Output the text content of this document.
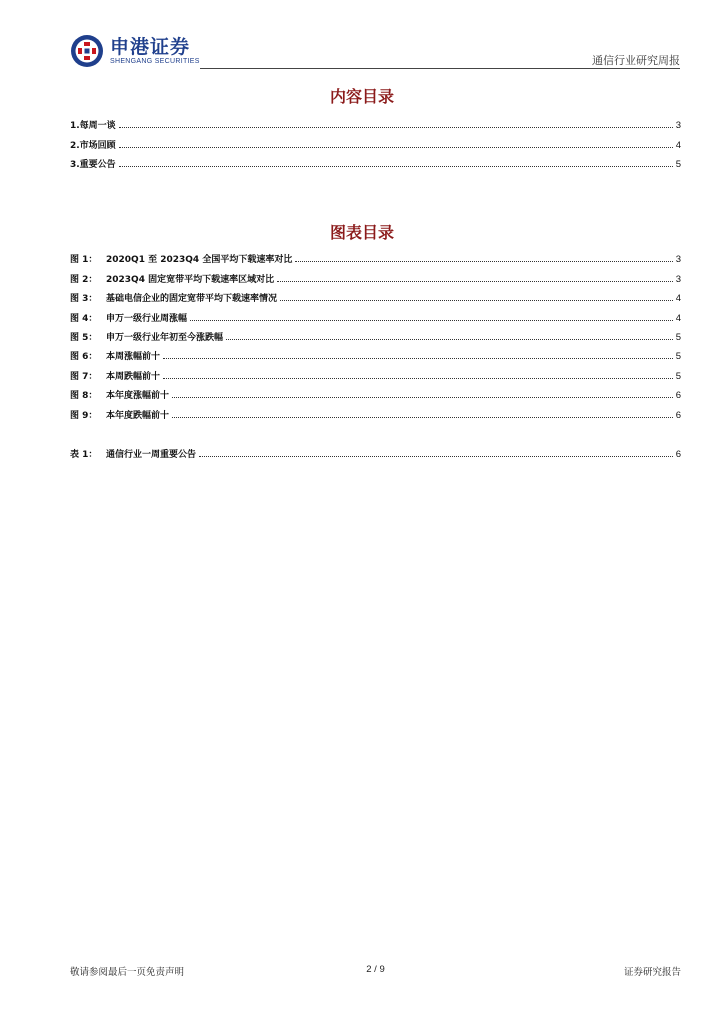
申港证券
SHENGANG SECURITIES	通信行业研究周报
内容目录
1.每周一谈	3
2.市场回顾	4
3.重要公告	5
图表目录
图 1： 2020Q1 至 2023Q4 全国平均下载速率对比	3
图 2： 2023Q4 固定宽带平均下载速率区域对比	3
图 3： 基础电信企业的固定宽带平均下载速率情况	4
图 4： 申万一级行业周涨幅	4
图 5： 申万一级行业年初至今涨跌幅	5
图 6： 本周涨幅前十	5
图 7： 本周跌幅前十	5
图 8： 本年度涨幅前十	6
图 9： 本年度跌幅前十	6
表 1： 通信行业一周重要公告	6
敬请参阅最后一页免责声明	2 / 9	证券研究报告
